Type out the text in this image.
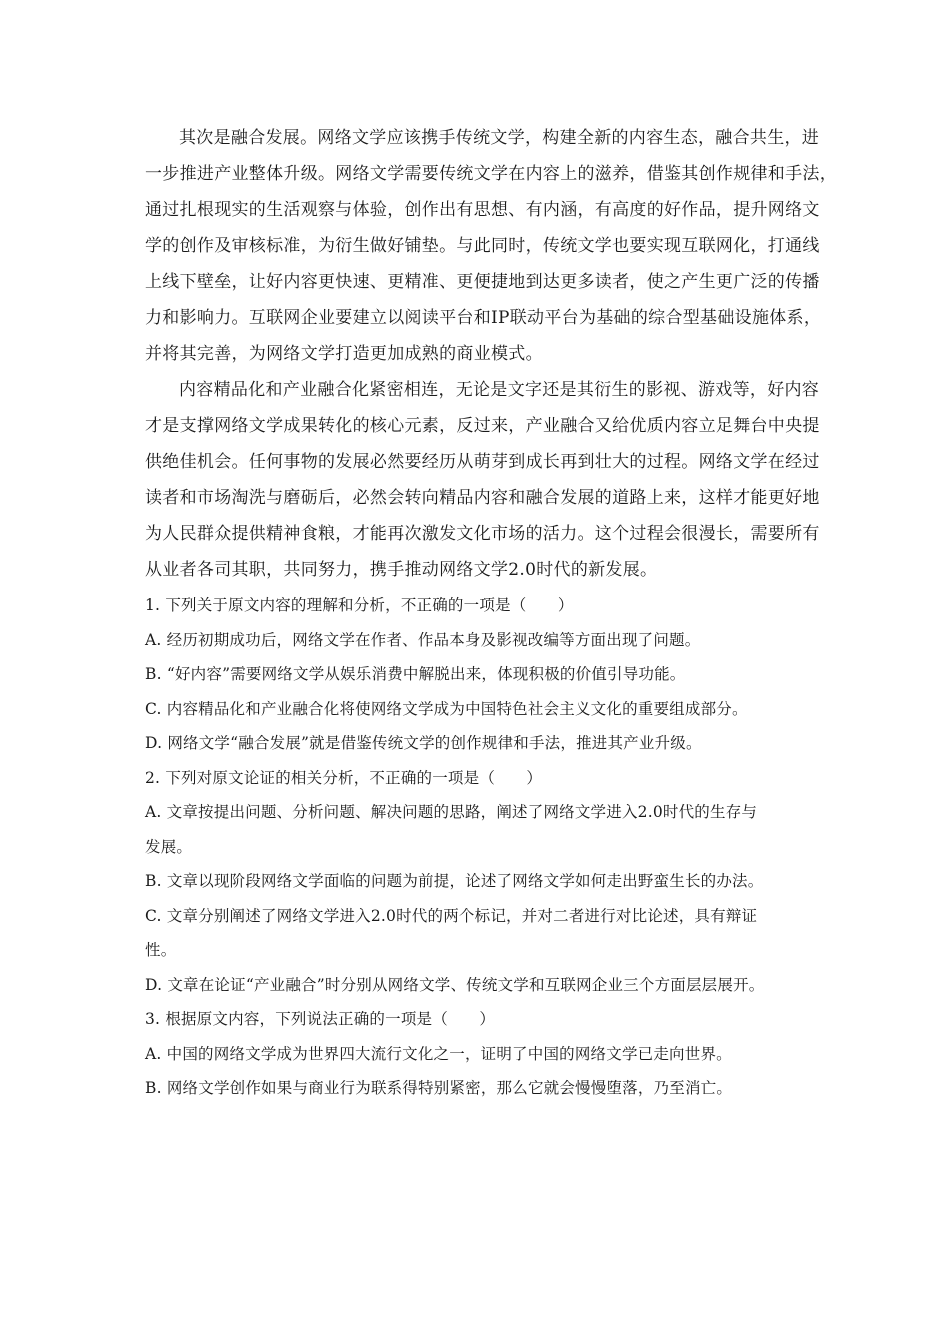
其次是融合发展。网络文学应该携手传统文学，构建全新的内容生态，融合共生，进
一步推进产业整体升级。网络文学需要传统文学在内容上的滋养，借鉴其创作规律和手法，
通过扎根现实的生活观察与体验，创作出有思想、有内涵，有高度的好作品，提升网络文
学的创作及审核标准，为衍生做好铺垫。与此同时，传统文学也要实现互联网化，打通线
上线下壁垒，让好内容更快速、更精准、更便捷地到达更多读者，使之产生更广泛的传播
力和影响力。互联网企业要建立以阅读平台和IP联动平台为基础的综合型基础设施体系，
并将其完善，为网络文学打造更加成熟的商业模式。

内容精品化和产业融合化紧密相连，无论是文字还是其衍生的影视、游戏等，好内容
才是支撑网络文学成果转化的核心元素，反过来，产业融合又给优质内容立足舞台中央提
供绝佳机会。任何事物的发展必然要经历从萌芽到成长再到壮大的过程。网络文学在经过
读者和市场淘洗与磨砺后，必然会转向精品内容和融合发展的道路上来，这样才能更好地
为人民群众提供精神食粮，才能再次激发文化市场的活力。这个过程会很漫长，需要所有
从业者各司其职，共同努力，携手推动网络文学2.0时代的新发展。

1. 下列关于原文内容的理解和分析，不正确的一项是（　　）

A. 经历初期成功后，网络文学在作者、作品本身及影视改编等方面出现了问题。

B. “好内容”需要网络文学从娱乐消费中解脱出来，体现积极的价值引导功能。

C. 内容精品化和产业融合化将使网络文学成为中国特色社会主义文化的重要组成部分。

D. 网络文学“融合发展”就是借鉴传统文学的创作规律和手法，推进其产业升级。

2. 下列对原文论证的相关分析，不正确的一项是（　　）

A. 文章按提出问题、分析问题、解决问题的思路，阐述了网络文学进入2.0时代的生存与

发展。

B. 文章以现阶段网络文学面临的问题为前提，论述了网络文学如何走出野蛮生长的办法。

C. 文章分别阐述了网络文学进入2.0时代的两个标记，并对二者进行对比论述，具有辩证

性。

D. 文章在论证“产业融合”时分别从网络文学、传统文学和互联网企业三个方面层层展开。

3. 根据原文内容，下列说法正确的一项是（　　）

A. 中国的网络文学成为世界四大流行文化之一，证明了中国的网络文学已走向世界。

B. 网络文学创作如果与商业行为联系得特别紧密，那么它就会慢慢堕落，乃至消亡。
